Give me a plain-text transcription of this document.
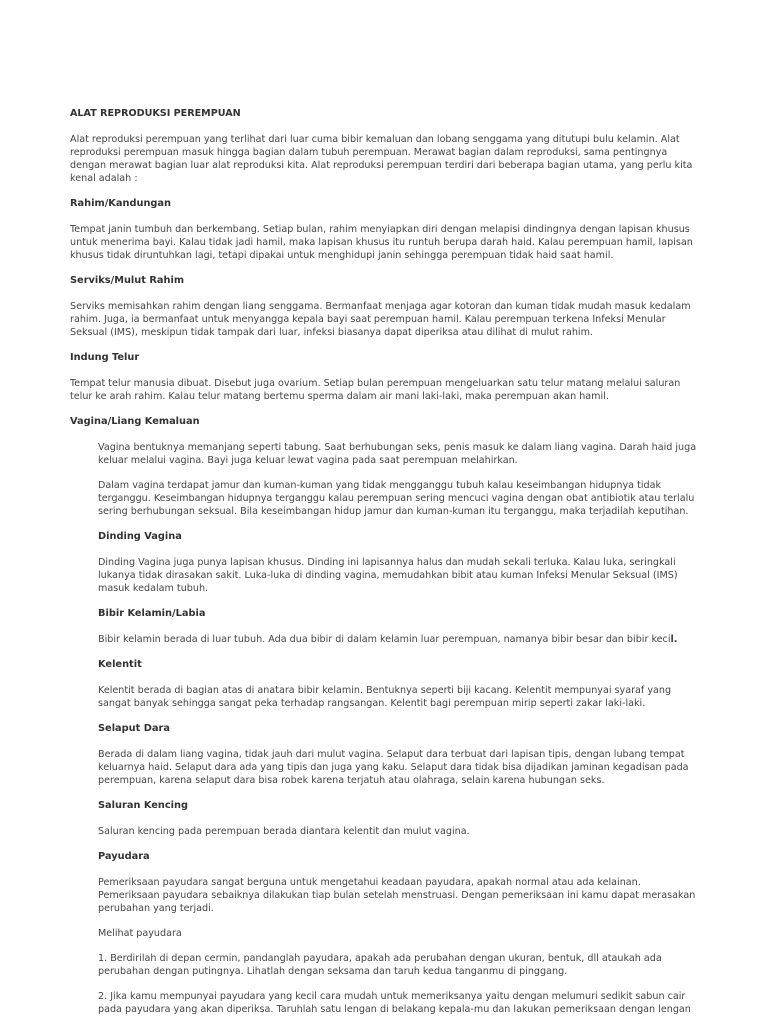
ALAT REPRODUKSI PEREMPUAN

Alat reproduksi perempuan yang terlihat dari luar cuma bibir kemaluan dan lobang senggama yang ditutupi bulu kelamin. Alat reproduksi perempuan masuk hingga bagian dalam tubuh perempuan. Merawat bagian dalam reproduksi, sama pentingnya dengan merawat bagian luar alat reproduksi kita. Alat reproduksi perempuan terdiri dari beberapa bagian utama, yang perlu kita kenal adalah :

Rahim/Kandungan

Tempat janin tumbuh dan berkembang. Setiap bulan, rahim menyiapkan diri dengan melapisi dindingnya dengan lapisan khusus untuk menerima bayi. Kalau tidak jadi hamil, maka lapisan khusus itu runtuh berupa darah haid. Kalau perempuan hamil, lapisan khusus tidak diruntuhkan lagi, tetapi dipakai untuk menghidupi janin sehingga perempuan tidak haid saat hamil.

Serviks/Mulut Rahim

Serviks memisahkan rahim dengan liang senggama. Bermanfaat menjaga agar kotoran dan kuman tidak mudah masuk kedalam rahim. Juga, ia bermanfaat untuk menyangga kepala bayi saat perempuan hamil. Kalau perempuan terkena Infeksi Menular Seksual (IMS), meskipun tidak tampak dari luar, infeksi biasanya dapat diperiksa atau dilihat di mulut rahim.

Indung Telur

Tempat telur manusia dibuat. Disebut juga ovarium. Setiap bulan perempuan mengeluarkan satu telur matang melalui saluran telur ke arah rahim. Kalau telur matang bertemu sperma dalam air mani laki-laki, maka perempuan akan hamil.

Vagina/Liang Kemaluan

Vagina bentuknya memanjang seperti tabung. Saat berhubungan seks, penis masuk ke dalam liang vagina. Darah haid juga keluar melalui vagina. Bayi juga keluar lewat vagina pada saat perempuan melahirkan.

Dalam vagina terdapat jamur dan kuman-kuman yang tidak mengganggu tubuh kalau keseimbangan hidupnya tidak terganggu. Keseimbangan hidupnya terganggu kalau perempuan sering mencuci vagina dengan obat antibiotik atau terlalu sering berhubungan seksual. Bila keseimbangan hidup jamur dan kuman-kuman itu terganggu, maka terjadilah keputihan.

Dinding Vagina

Dinding Vagina juga punya lapisan khusus. Dinding ini lapisannya halus dan mudah sekali terluka. Kalau luka, seringkali lukanya tidak dirasakan sakit. Luka-luka di dinding vagina, memudahkan bibit atau kuman Infeksi Menular Seksual (IMS) masuk kedalam tubuh.

Bibir Kelamin/Labia

Bibir kelamin berada di luar tubuh. Ada dua bibir di dalam kelamin luar perempuan, namanya bibir besar dan bibir kecil.

Kelentit

Kelentit berada di bagian atas di anatara bibir kelamin. Bentuknya seperti biji kacang. Kelentit mempunyai syaraf yang sangat banyak sehingga sangat peka terhadap rangsangan. Kelentit bagi perempuan mirip seperti zakar laki-laki.

Selaput Dara

Berada di dalam liang vagina, tidak jauh dari mulut vagina. Selaput dara terbuat dari lapisan tipis, dengan lubang tempat keluarnya haid. Selaput dara ada yang tipis dan juga yang kaku. Selaput dara tidak bisa dijadikan jaminan kegadisan pada perempuan, karena selaput dara bisa robek karena terjatuh atau olahraga, selain karena hubungan seks.

Saluran Kencing

Saluran kencing pada perempuan berada diantara kelentit dan mulut vagina.

Payudara

Pemeriksaan payudara sangat berguna untuk mengetahui keadaan payudara, apakah normal atau ada kelainan. Pemeriksaan payudara sebaiknya dilakukan tiap bulan setelah menstruasi. Dengan pemeriksaan ini kamu dapat merasakan perubahan yang terjadi.

Melihat payudara

1. Berdirilah di depan cermin, pandanglah payudara, apakah ada perubahan dengan ukuran, bentuk, dll ataukah ada perubahan dengan putingnya. Lihatlah dengan seksama dan taruh kedua tanganmu di pinggang.

2. Jika kamu mempunyai payudara yang kecil cara mudah untuk memeriksanya yaitu dengan melumuri sedikit sabun cair pada payudara yang akan diperiksa. Taruhlah satu lengan di belakang kepala-mu dan lakukan pemeriksaan dengan lengan
